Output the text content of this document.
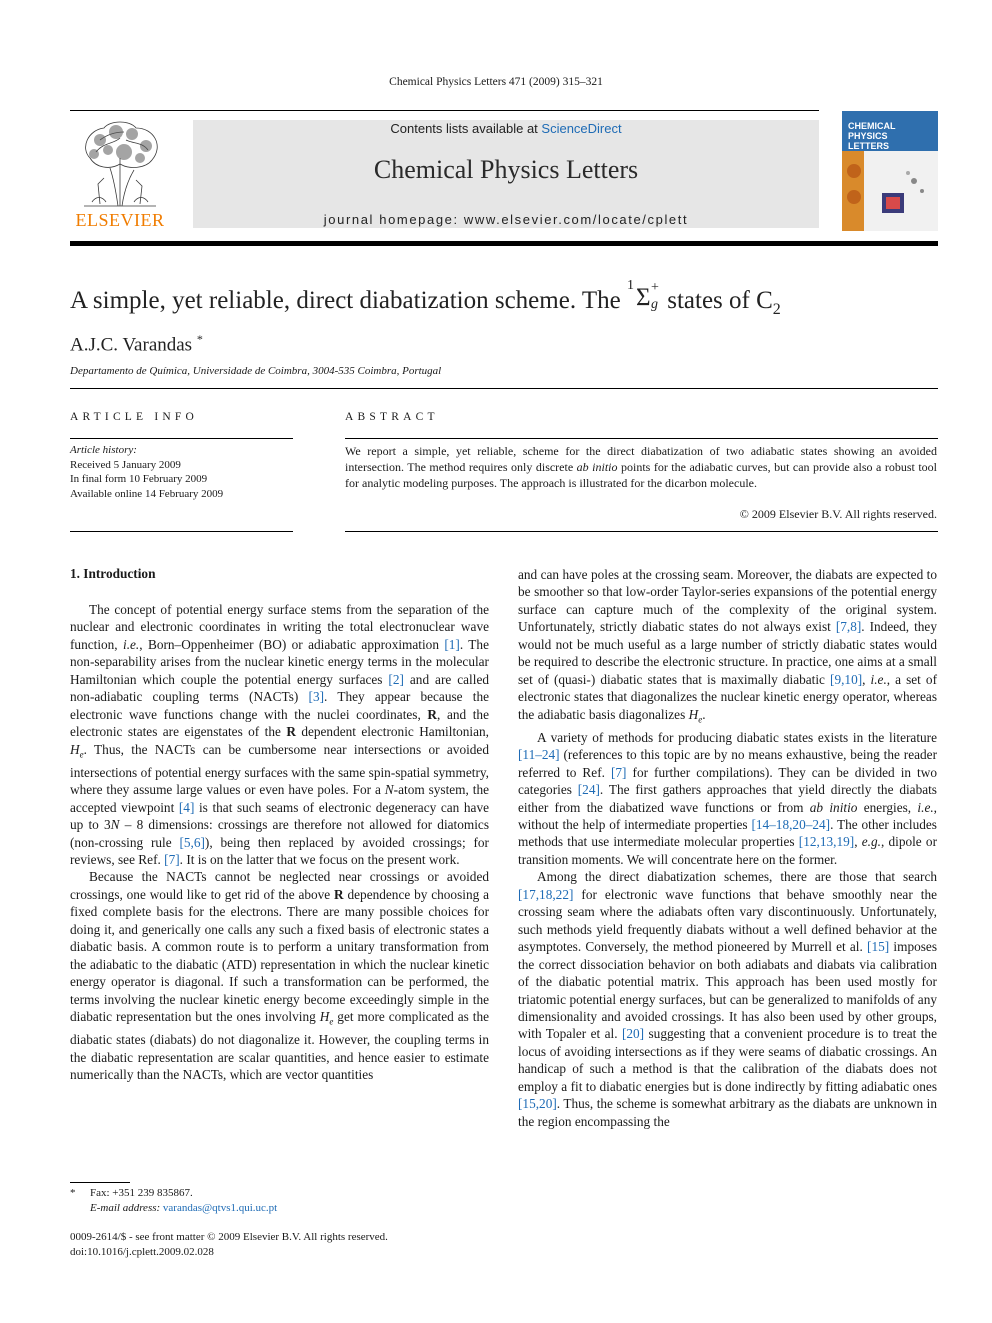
Chemical Physics Letters 471 (2009) 315–321
ELSEVIER
Contents lists available at ScienceDirect
Chemical Physics Letters
journal homepage: www.elsevier.com/locate/cplett
CHEMICAL
PHYSICS
LETTERS
A simple, yet reliable, direct diabatization scheme. The
1 Σ +
g states of $C_2$
A.J.C. Varandas *
Departamento de Química, Universidade de Coimbra, 3004-535 Coimbra, Portugal
ARTICLE INFO
Article history:
Received 5 January 2009
In final form 10 February 2009
Available online 14 February 2009
ABSTRACT
We report a simple, yet reliable, scheme for the direct diabatization of two adiabatic states showing an avoided intersection. The method requires only discrete ab initio points for the adiabatic curves, but can provide also a robust tool for analytic modeling purposes. The approach is illustrated for the dicarbon molecule.
© 2009 Elsevier B.V. All rights reserved.
1. Introduction

The concept of potential energy surface stems from the separation of the nuclear and electronic coordinates in writing the total electronuclear wave function, i.e., Born–Oppenheimer (BO) or adiabatic approximation [1]. The non-separability arises from the nuclear kinetic energy terms in the molecular Hamiltonian which couple the potential energy surfaces [2] and are called non-adiabatic coupling terms (NACTs) [3]. They appear because the electronic wave functions change with the nuclei coordinates, R, and the electronic states are eigenstates of the R dependent electronic Hamiltonian, $H_e$. Thus, the NACTs can be cumbersome near intersections or avoided intersections of potential energy surfaces with the same spin-spatial symmetry, where they assume large values or even have poles. For a N-atom system, the accepted viewpoint [4] is that such seams of electronic degeneracy can have up to 3N – 8 dimensions: crossings are therefore not allowed for diatomics (non-crossing rule [5,6]), being then replaced by avoided crossings; for reviews, see Ref. [7]. It is on the latter that we focus on the present work.

Because the NACTs cannot be neglected near crossings or avoided crossings, one would like to get rid of the above R dependence by choosing a fixed complete basis for the electrons. There are many possible choices for doing it, and generically one calls any such a fixed basis of electronic states a diabatic basis. A common route is to perform a unitary transformation from the adiabatic to the diabatic (ATD) representation in which the nuclear kinetic energy operator is diagonal. If such a transformation can be performed, the terms involving the nuclear kinetic energy become exceedingly simple in the diabatic representation but the ones involving $H_e$ get more complicated as the diabatic states (diabats) do not diagonalize it. However, the coupling terms in the diabatic representation are scalar quantities, and hence easier to estimate numerically than the NACTs, which are vector quantities

and can have poles at the crossing seam. Moreover, the diabats are expected to be smoother so that low-order Taylor-series expansions of the potential energy surface can capture much of the complexity of the original system. Unfortunately, strictly diabatic states do not always exist [7,8]. Indeed, they would not be much useful as a large number of strictly diabatic states would be required to describe the electronic structure. In practice, one aims at a small set of (quasi-) diabatic states that is maximally diabatic [9,10], i.e., a set of electronic states that diagonalizes the nuclear kinetic energy operator, whereas the adiabatic basis diagonalizes $H_e$.

A variety of methods for producing diabatic states exists in the literature [11–24] (references to this topic are by no means exhaustive, being the reader referred to Ref. [7] for further compilations). They can be divided in two categories [24]. The first gathers approaches that yield directly the diabats either from the diabatized wave functions or from ab initio energies, i.e., without the help of intermediate properties [14–18,20–24]. The other includes methods that use intermediate molecular properties [12,13,19], e.g., dipole or transition moments. We will concentrate here on the former.

Among the direct diabatization schemes, there are those that search [17,18,22] for electronic wave functions that behave smoothly near the crossing seam where the adiabats often vary discontinuously. Unfortunately, such methods yield frequently diabats without a well defined behavior at the asymptotes. Conversely, the method pioneered by Murrell et al. [15] imposes the correct dissociation behavior on both adiabats and diabats via calibration of the diabatic potential matrix. This approach has been used mostly for triatomic potential energy surfaces, but can be generalized to manifolds of any dimensionality and avoided crossings. It has also been used by other groups, with Topaler et al. [20] suggesting that a convenient procedure is to treat the locus of avoiding intersections as if they were seams of diabatic crossings. An handicap of such a method is that the calibration of the diabats does not employ a fit to diabatic energies but is done indirectly by fitting adiabatic ones [15,20]. Thus, the scheme is somewhat arbitrary as the diabats are unknown in the region encompassing the

* Fax: +351 239 835867.
E-mail address: varandas@qtvs1.qui.uc.pt
0009-2614/$ - see front matter © 2009 Elsevier B.V. All rights reserved.
doi:10.1016/j.cplett.2009.02.028
